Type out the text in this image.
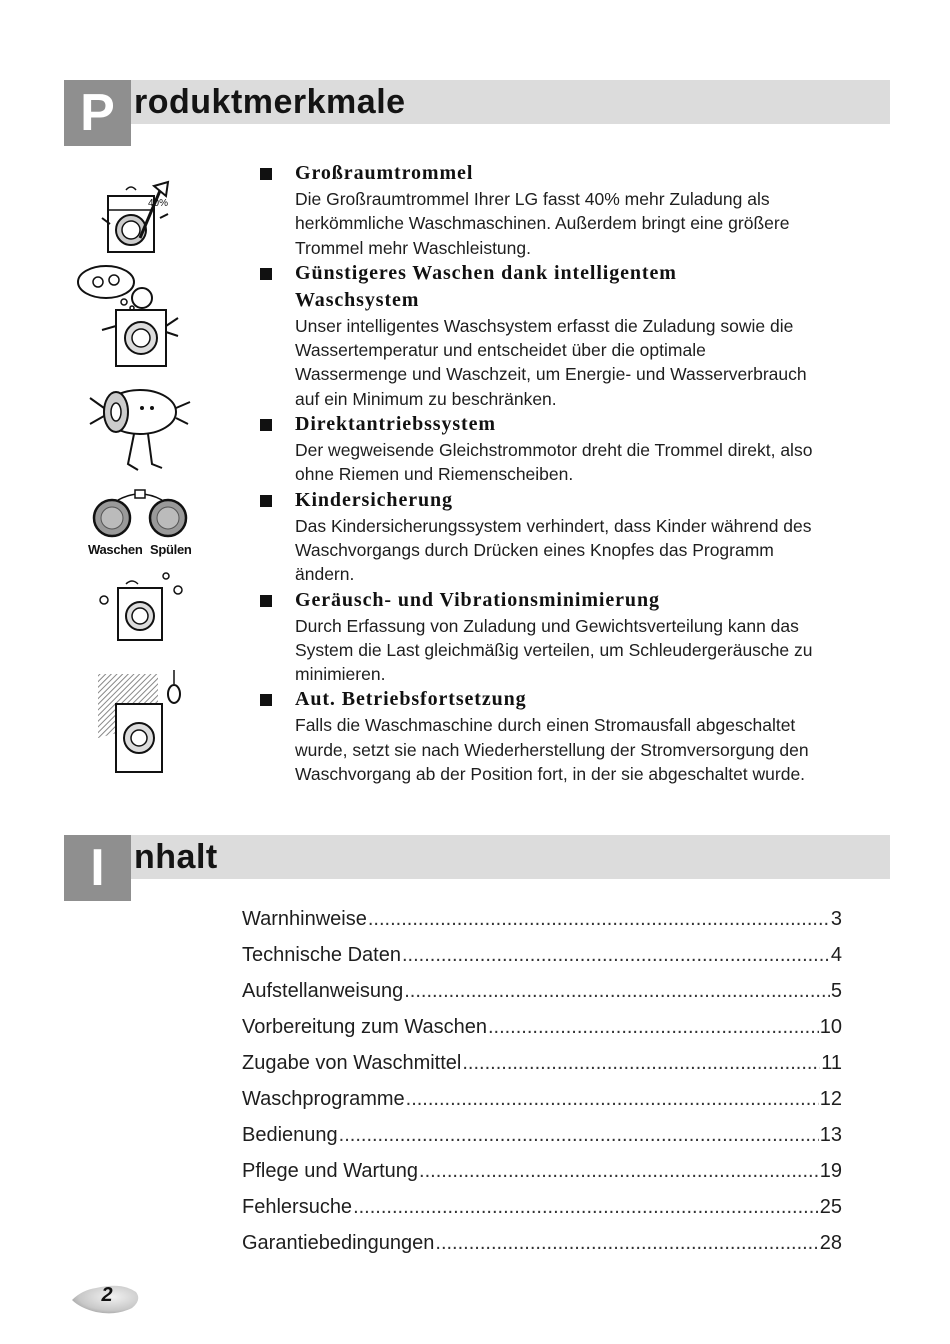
P roduktmerkmale
40%
Waschen Spülen
Großraumtrommel
Die Großraumtrommel Ihrer LG fasst 40% mehr Zuladung als
herkömmliche Waschmaschinen. Außerdem bringt eine größere
Trommel mehr Waschleistung.
Günstigeres Waschen dank intelligentem
Waschsystem
Unser intelligentes Waschsystem erfasst die Zuladung sowie die
Wassertemperatur und entscheidet über die optimale
Wassermenge und Waschzeit, um Energie- und Wasserverbrauch
auf ein Minimum zu beschränken.
Direktantriebssystem
Der wegweisende Gleichstrommotor dreht die Trommel direkt, also
ohne Riemen und Riemenscheiben.
Kindersicherung
Das Kindersicherungssystem verhindert, dass Kinder während des
Waschvorgangs durch Drücken eines Knopfes das Programm
ändern.
Geräusch- und Vibrationsminimierung
Durch Erfassung von Zuladung und Gewichtsverteilung kann das
System die Last gleichmäßig verteilen, um Schleudergeräusche zu
minimieren.
Aut. Betriebsfortsetzung
Falls die Waschmaschine durch einen Stromausfall abgeschaltet
wurde, setzt sie nach Wiederherstellung der Stromversorgung den
Waschvorgang ab der Position fort, in der sie abgeschaltet wurde.
I nhalt
Warnhinweise .....	3
Technische Daten .....	4
Aufstellanweisung .....	5
Vorbereitung zum Waschen .....	10
Zugabe von Waschmittel .....	11
Waschprogramme .....	12
Bedienung .....	13
Pflege und Wartung .....	19
Fehlersuche .....	25
Garantiebedingungen .....	28
2
